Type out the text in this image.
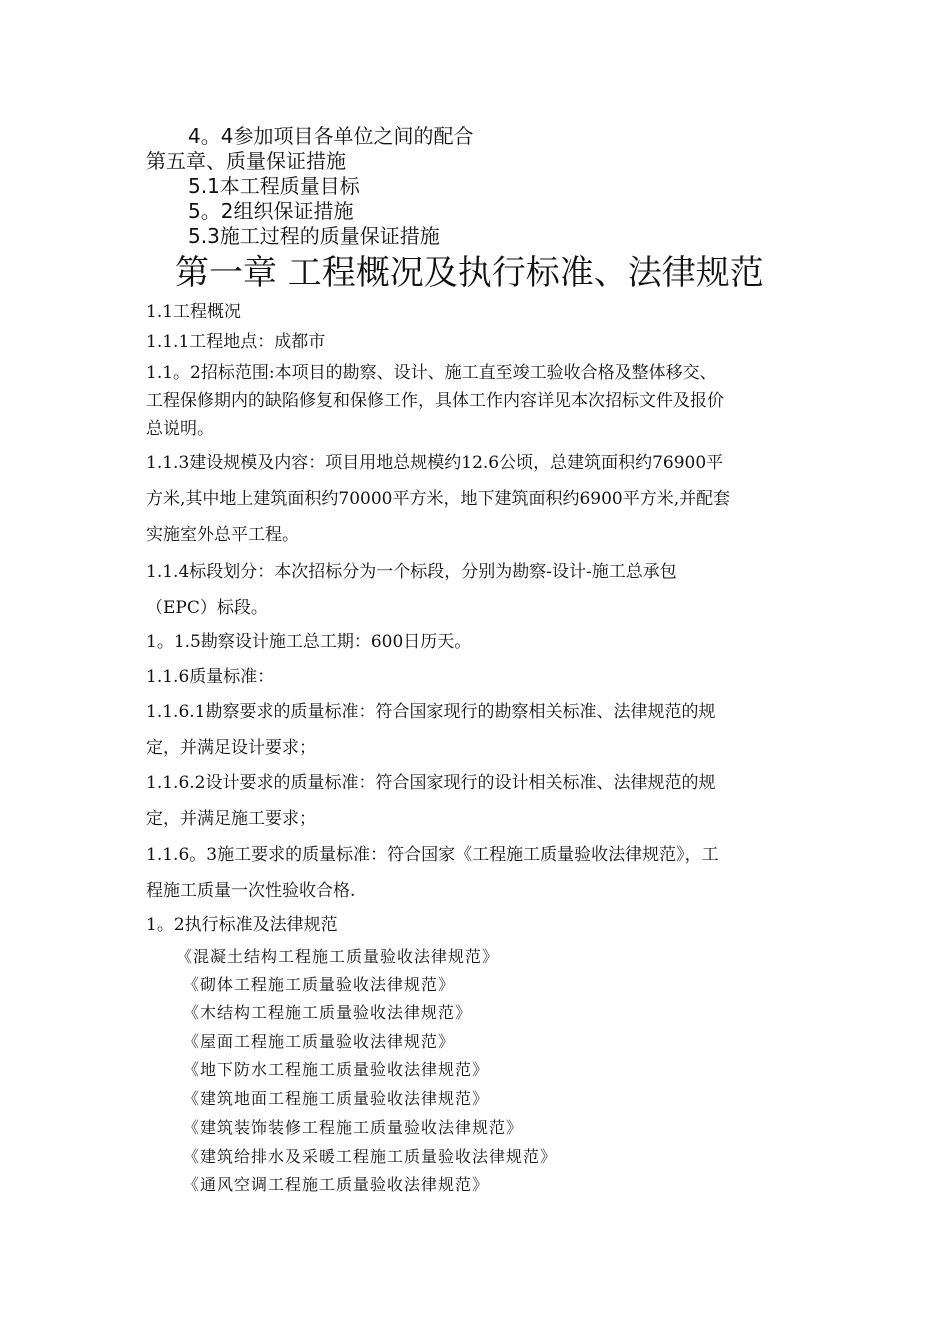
4。4参加项目各单位之间的配合
第五章、质量保证措施
5.1本工程质量目标
5。2组织保证措施
5.3施工过程的质量保证措施
第一章 工程概况及执行标准、法律规范
1.1工程概况
1.1.1工程地点：成都市
1.1。2招标范围:本项目的勘察、设计、施工直至竣工验收合格及整体移交、
工程保修期内的缺陷修复和保修工作，具体工作内容详见本次招标文件及报价
总说明。
1.1.3建设规模及内容：项目用地总规模约12.6公顷，总建筑面积约76900平
方米,其中地上建筑面积约70000平方米，地下建筑面积约6900平方米,并配套
实施室外总平工程。
1.1.4标段划分：本次招标分为一个标段，分别为勘察-设计-施工总承包
（EPC）标段。
1。1.5勘察设计施工总工期：600日历天。
1.1.6质量标准：
1.1.6.1勘察要求的质量标准：符合国家现行的勘察相关标准、法律规范的规
定，并满足设计要求；
1.1.6.2设计要求的质量标准：符合国家现行的设计相关标准、法律规范的规
定，并满足施工要求；
1.1.6。3施工要求的质量标准：符合国家《工程施工质量验收法律规范》，工
程施工质量一次性验收合格.
1。2执行标准及法律规范
《混凝土结构工程施工质量验收法律规范》
《砌体工程施工质量验收法律规范》
《木结构工程施工质量验收法律规范》
《屋面工程施工质量验收法律规范》
《地下防水工程施工质量验收法律规范》
《建筑地面工程施工质量验收法律规范》
《建筑装饰装修工程施工质量验收法律规范》
《建筑给排水及采暖工程施工质量验收法律规范》
《通风空调工程施工质量验收法律规范》
